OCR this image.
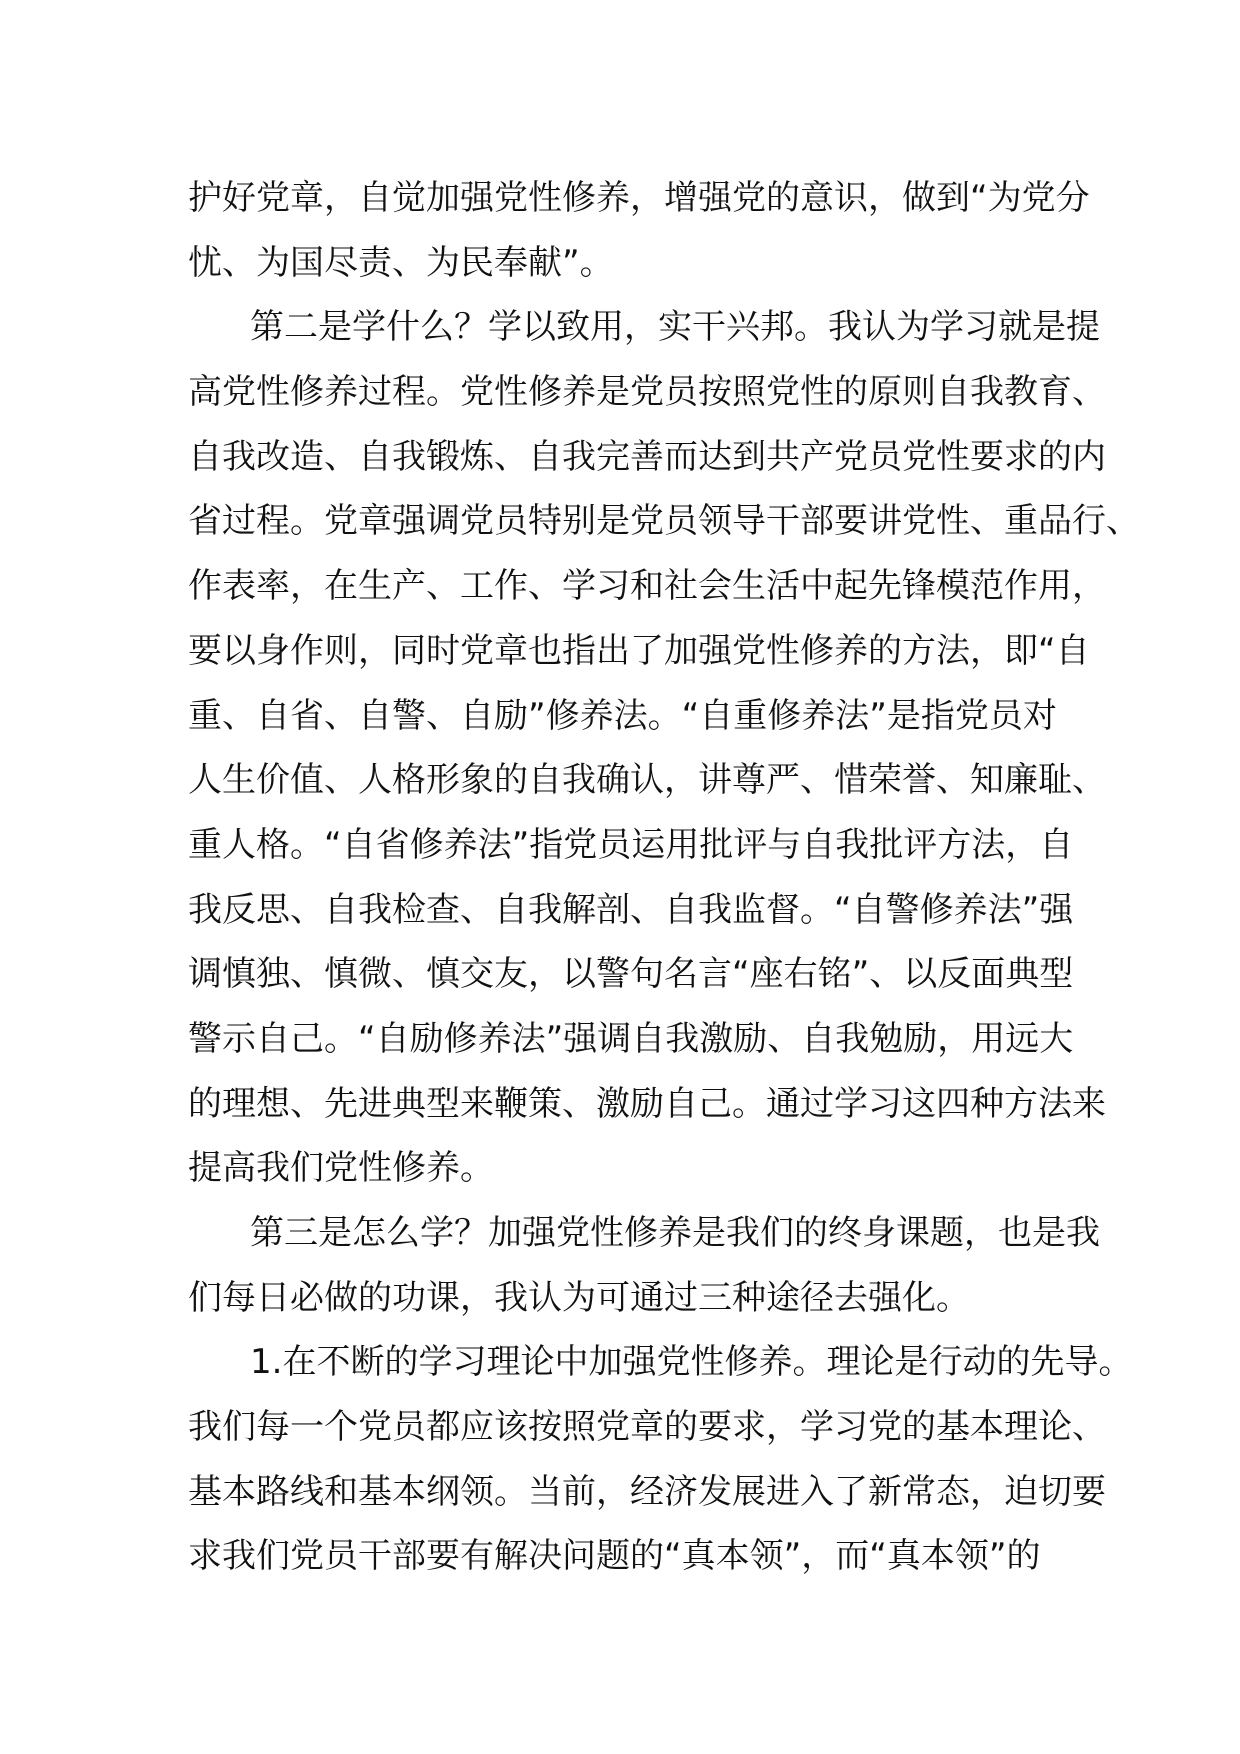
护好党章，自觉加强党性修养，增强党的意识，做到“为党分
忧、为国尽责、为民奉献”。
第二是学什么？学以致用，实干兴邦。我认为学习就是提
高党性修养过程。党性修养是党员按照党性的原则自我教育、
自我改造、自我锻炼、自我完善而达到共产党员党性要求的内
省过程。党章强调党员特别是党员领导干部要讲党性、重品行、
作表率，在生产、工作、学习和社会生活中起先锋模范作用，
要以身作则，同时党章也指出了加强党性修养的方法，即“自
重、自省、自警、自励”修养法。“自重修养法”是指党员对
人生价值、人格形象的自我确认，讲尊严、惜荣誉、知廉耻、
重人格。“自省修养法”指党员运用批评与自我批评方法，自
我反思、自我检查、自我解剖、自我监督。“自警修养法”强
调慎独、慎微、慎交友，以警句名言“座右铭”、以反面典型
警示自己。“自励修养法”强调自我激励、自我勉励，用远大
的理想、先进典型来鞭策、激励自己。通过学习这四种方法来
提高我们党性修养。
第三是怎么学？加强党性修养是我们的终身课题，也是我
们每日必做的功课，我认为可通过三种途径去强化。
1.在不断的学习理论中加强党性修养。理论是行动的先导。
我们每一个党员都应该按照党章的要求，学习党的基本理论、
基本路线和基本纲领。当前，经济发展进入了新常态，迫切要
求我们党员干部要有解决问题的“真本领”，而“真本领”的
